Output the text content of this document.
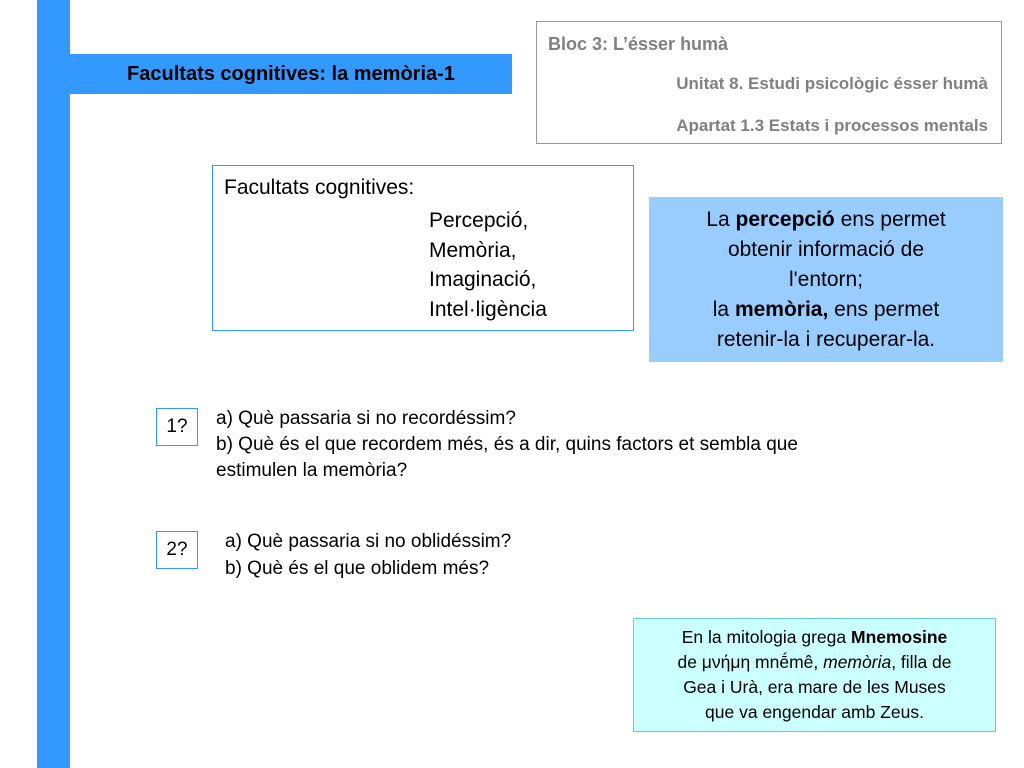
Facultats cognitives: la memòria-1
Bloc 3: L’ésser humà
Unitat 8. Estudi psicològic ésser humà
Apartat 1.3 Estats i processos mentals
Facultats cognitives:
Percepció,
Memòria,
Imaginació,
Intel·ligència

La percepció ens permet
obtenir informació de
l'entorn;
la memòria, ens permet
retenir-la i recuperar-la.

1?	a) Què passaria si no recordéssim?
b) Què és el que recordem més, és a dir, quins factors et sembla que
estimulen la memòria?
2?	a) Què passaria si no oblidéssim?
b) Què és el que oblidem més?
En la mitologia grega Mnemosine
de μνήμη mnḗmê, memòria, filla de
Gea i Urà, era mare de les Muses
que va engendar amb Zeus.
